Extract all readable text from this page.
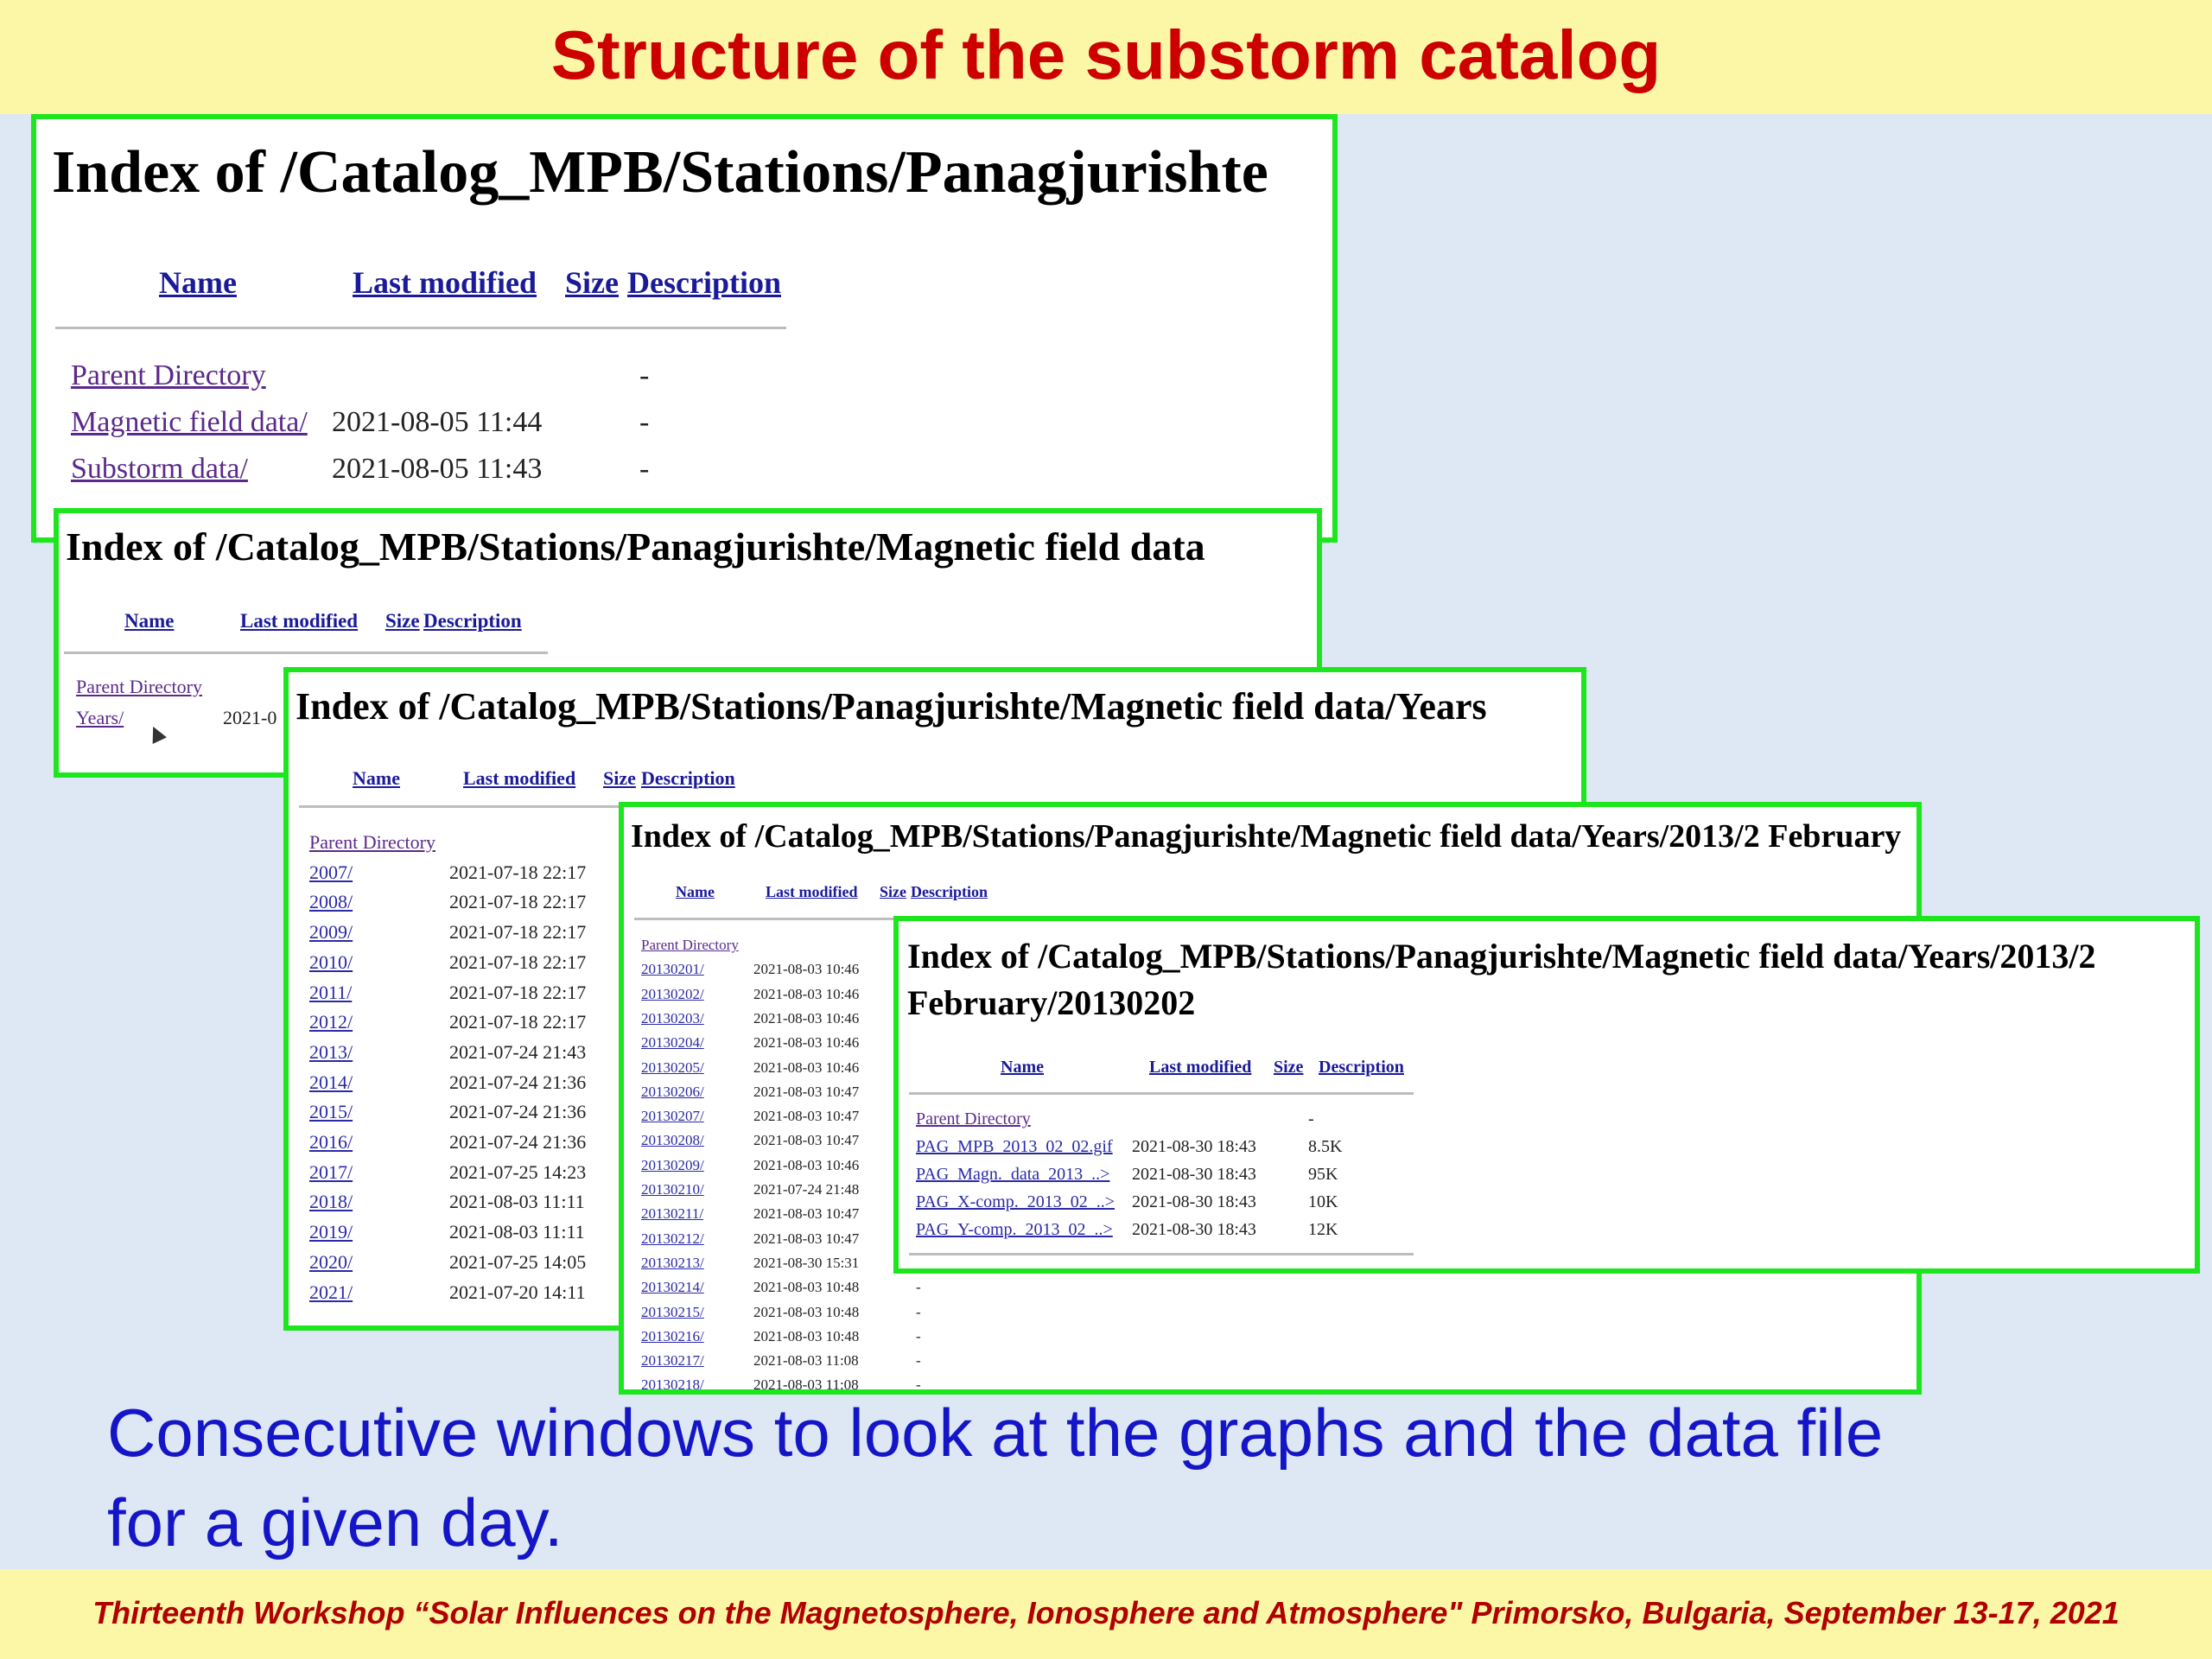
Structure of the substorm catalog
Index of /Catalog_MPB/Stations/Panagjurishte
Name	Last modified Size Description
Parent Directory	-
Magnetic field data/ 2021-08-05 11:44	-
Substorm data/	2021-08-05 11:43	-
Index of /Catalog_MPB/Stations/Panagjurishte/Magnetic field data
Name	Last modified Size Description
Parent Directory
Years/	2021-0 Index of /Catalog_MPB/Stations/Panagjurishte/Magnetic field data/Years
Name	Last modified Size Description
Parent Directory
2007/	2021-07-18 22:17
2008/	2021-07-18 22:17
2009/	2021-07-18 22:17
2010/	2021-07-18 22:17
2011/	2021-07-18 22:17
2012/	2021-07-18 22:17
2013/	2021-07-24 21:43
2014/	2021-07-24 21:36
2015/	2021-07-24 21:36
2016/	2021-07-24 21:36
2017/	2021-07-25 14:23
2018/	2021-08-03 11:11
2019/	2021-08-03 11:11
2020/	2021-07-25 14:05
2021/	2021-07-20 14:11
Index of /Catalog_MPB/Stations/Panagjurishte/Magnetic field data/Years/2013/2 February
Name	Last modified Size Description
Parent Directory
20130201/	2021-08-03 10:46
20130202/	2021-08-03 10:46
20130203/	2021-08-03 10:46
20130204/	2021-08-03 10:46
20130205/	2021-08-03 10:46
20130206/	2021-08-03 10:47
20130207/	2021-08-03 10:47
20130208/	2021-08-03 10:47
20130209/	2021-08-03 10:46
20130210/	2021-07-24 21:48
20130211/	2021-08-03 10:47
20130212/	2021-08-03 10:47
20130213/	2021-08-30 15:31
20130214/	2021-08-03 10:48	-
20130215/	2021-08-03 10:48	-
20130216/	2021-08-03 10:48	-
20130217/	2021-08-03 11:08	-
20130218/	2021-08-03 11:08	-
Index of /Catalog_MPB/Stations/Panagjurishte/Magnetic field data/Years/2013/2 February/20130202
Name	Last modified Size Description
Parent Directory	-
PAG_MPB_2013_02_02.gif 2021-08-30 18:43	8.5K
PAG_Magn._data_2013_..> 2021-08-30 18:43	95K
PAG_X-comp._2013_02_..> 2021-08-30 18:43	10K
PAG_Y-comp._2013_02_..> 2021-08-30 18:43	12K
Consecutive windows to look at the graphs and the data file
for a given day.
Thirteenth Workshop “Solar Influences on the Magnetosphere, Ionosphere and Atmosphere" Primorsko, Bulgaria, September 13-17, 2021
